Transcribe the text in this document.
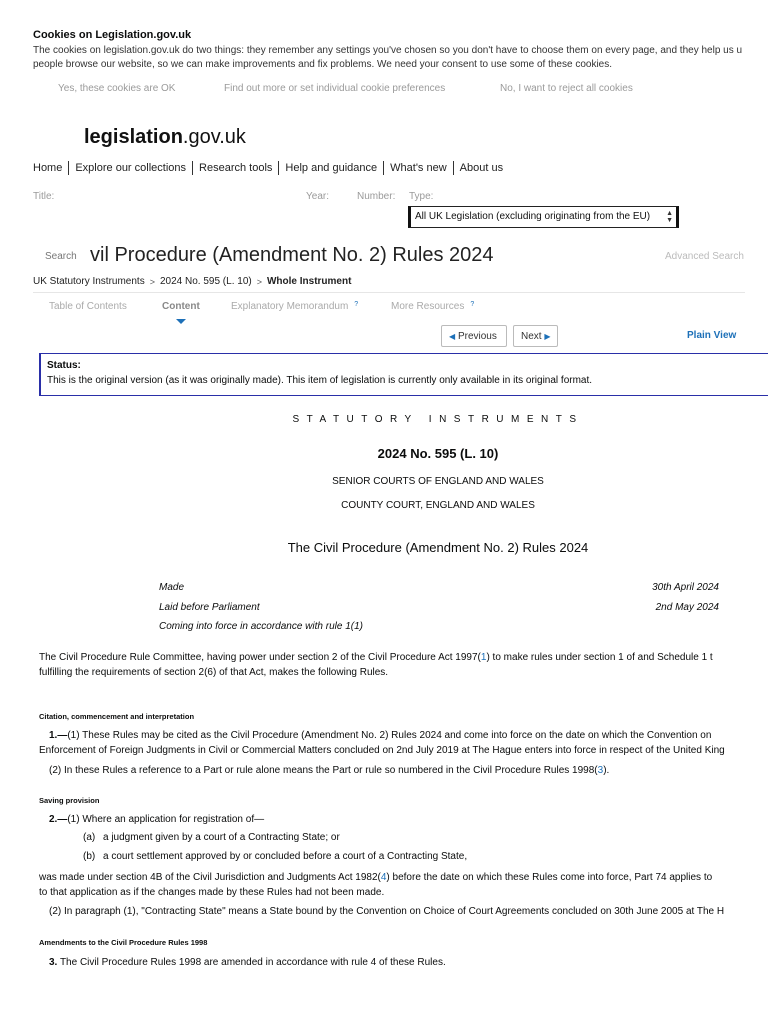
Cookies on Legislation.gov.uk
The cookies on legislation.gov.uk do two things: they remember any settings you've chosen so you don't have to choose them on every page, and they help us u
people browse our website, so we can make improvements and fix problems. We need your consent to use some of these cookies.
Yes, these cookies are OK	Find out more or set individual cookie preferences	No, I want to reject all cookies
legislation.gov.uk
Home	Explore our collections	Research tools	Help and guidance	What's new	About us
Title:	Year:	Number: Type:
All UK Legislation (excluding originating from the EU) ▲
▼
Search	Advanced Search
vil Procedure (Amendment No. 2) Rules 2024
UK Statutory Instruments > 2024 No. 595 (L. 10) > Whole Instrument
Table of Contents	Content	Explanatory Memorandum ?	More Resources ?
◀ Previous	Next ▶	Plain View
Status:
This is the original version (as it was originally made). This item of legislation is currently only available in its original format.
STATUTORY INSTRUMENTS
2024 No. 595 (L. 10)
SENIOR COURTS OF ENGLAND AND WALES
COUNTY COURT, ENGLAND AND WALES
The Civil Procedure (Amendment No. 2) Rules 2024
Made	30th April 2024
Laid before Parliament	2nd May 2024
Coming into force in accordance with rule 1(1)
The Civil Procedure Rule Committee, having power under section 2 of the Civil Procedure Act 1997(1) to make rules under section 1 of and Schedule 1 t
fulfilling the requirements of section 2(6) of that Act, makes the following Rules.
Citation, commencement and interpretation
1.—(1) These Rules may be cited as the Civil Procedure (Amendment No. 2) Rules 2024 and come into force on the date on which the Convention on
Enforcement of Foreign Judgments in Civil or Commercial Matters concluded on 2nd July 2019 at The Hague enters into force in respect of the United King
(2) In these Rules a reference to a Part or rule alone means the Part or rule so numbered in the Civil Procedure Rules 1998(3).
Saving provision
2.—(1) Where an application for registration of—
(a) a judgment given by a court of a Contracting State; or
(b) a court settlement approved by or concluded before a court of a Contracting State,
was made under section 4B of the Civil Jurisdiction and Judgments Act 1982(4) before the date on which these Rules come into force, Part 74 applies to
to that application as if the changes made by these Rules had not been made.
(2) In paragraph (1), "Contracting State" means a State bound by the Convention on Choice of Court Agreements concluded on 30th June 2005 at The H
Amendments to the Civil Procedure Rules 1998
3. The Civil Procedure Rules 1998 are amended in accordance with rule 4 of these Rules.
